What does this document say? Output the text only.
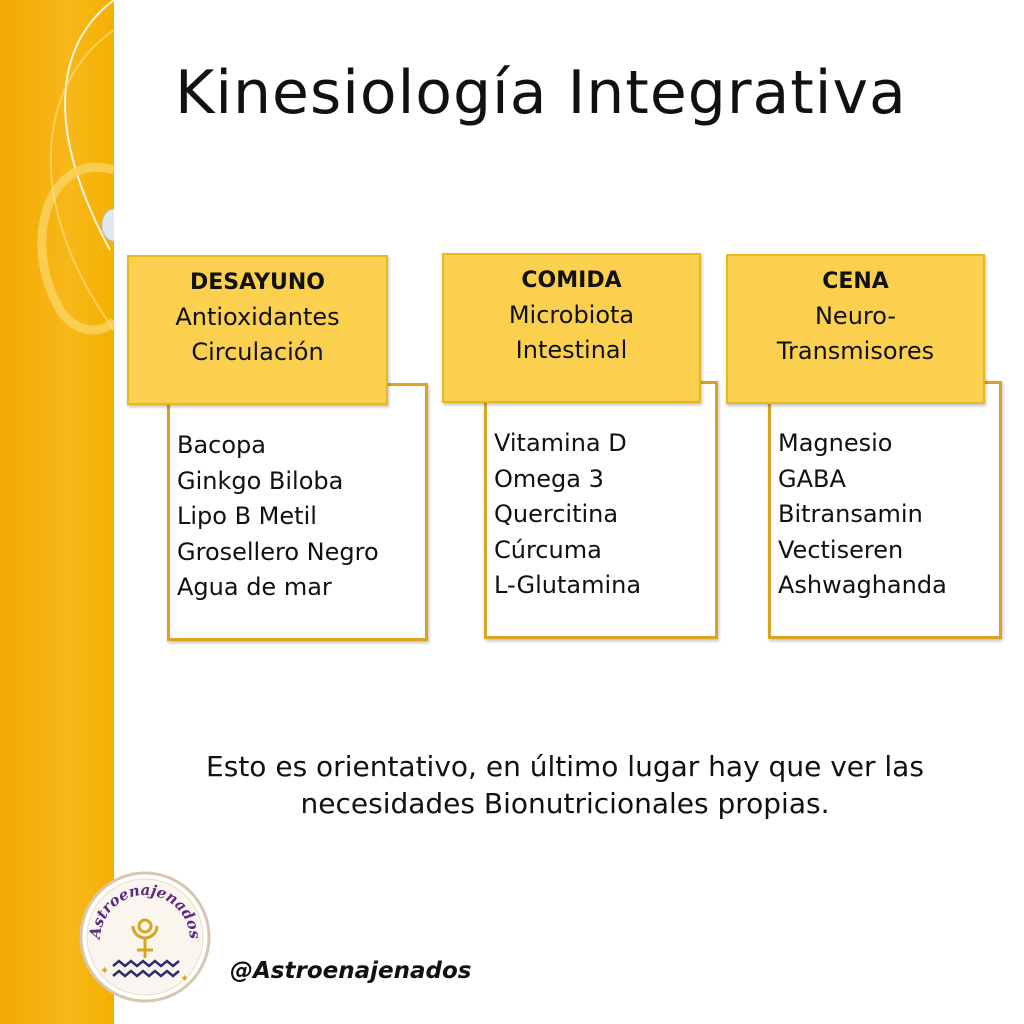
Kinesiología Integrativa
Bacopa
Ginkgo Biloba
Lipo B Metil
Grosellero Negro
Agua de mar
DESAYUNO
Antioxidantes
Circulación
Vitamina D
Omega 3
Quercitina
Cúrcuma
L-Glutamina
COMIDA
Microbiota
Intestinal
Magnesio
GABA
Bitransamin
Vectiseren
Ashwaghanda
CENA
Neuro-
Transmisores
Esto es orientativo, en último lugar hay que ver las
necesidades Bionutricionales propias.
Astroenajenados
✦
✦ @Astroenajenados
